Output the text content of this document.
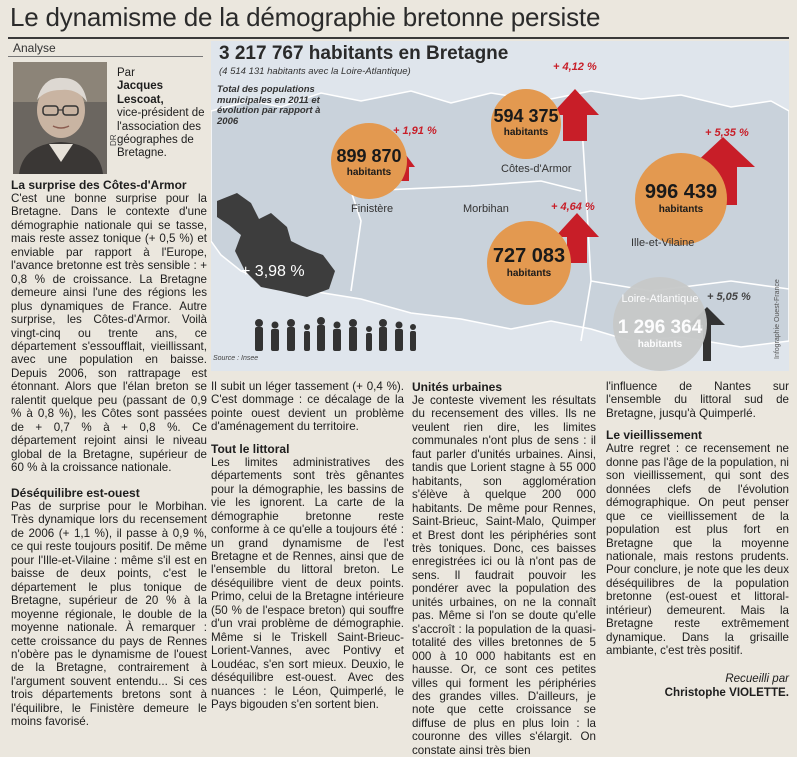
Le dynamisme de la démographie bretonne persiste
Analyse
DR
Par
Jacques
Lescoat,
vice-président de l'association des géographes de Bretagne.
La surprise des Côtes-d'Armor

C'est une bonne surprise pour la Bretagne. Dans le contexte d'une démographie nationale qui se tasse, mais reste assez tonique (+ 0,5 %) et enviable par rapport à l'Europe, l'avance bretonne est très sensible : + 0,8 % de croissance. La Bretagne demeure ainsi l'une des régions les plus dynamiques de France. Autre surprise, les Côtes-d'Armor. Voilà vingt-cinq ou trente ans, ce département s'essoufflait, vieillissant, avec une population en baisse. Depuis 2006, son rattrapage est étonnant. Alors que l'élan breton se ralentit quelque peu (passant de 0,9 % à 0,8 %), les Côtes sont passées de + 0,7 % à + 0,8 %. Ce département rejoint ainsi le niveau global de la Bretagne, supérieur de 60 % à la croissance nationale.

Déséquilibre est-ouest

Pas de surprise pour le Morbihan. Très dynamique lors du recensement de 2006 (+ 1,1 %), il passe à 0,9 %, ce qui reste toujours positif. De même pour l'Ille-et-Vilaine : même s'il est en baisse de deux points, c'est le département le plus tonique de Bretagne, supérieur de 20 % à la moyenne régionale, le double de la moyenne nationale. À remarquer : cette croissance du pays de Rennes n'obère pas le dynamisme de l'ouest de la Bretagne, contrairement à l'argument souvent entendu... Si ces trois départements bretons sont à l'équilibre, le Finistère demeure le moins favorisé.

Il subit un léger tassement (+ 0,4 %). C'est dommage : ce décalage de la pointe ouest devient un problème d'aménagement du territoire.

Tout le littoral

Les limites administratives des départements sont très gênantes pour la démographie, les bassins de vie les ignorent. La carte de la démographie bretonne reste conforme à ce qu'elle a toujours été : un grand dynamisme de l'est Bretagne et de Rennes, ainsi que de l'ensemble du littoral breton. Le déséquilibre vient de deux points. Primo, celui de la Bretagne intérieure (50 % de l'espace breton) qui souffre d'un vrai problème de démographie. Même si le Triskell Saint-Brieuc-Lorient-Vannes, avec Pontivy et Loudéac, s'en sort mieux. Deuxio, le déséquilibre est-ouest. Avec des nuances : le Léon, Quimperlé, le Pays bigouden s'en sortent bien.

Unités urbaines

Je conteste vivement les résultats du recensement des villes. Ils ne veulent rien dire, les limites communales n'ont plus de sens : il faut parler d'unités urbaines. Ainsi, tandis que Lorient stagne à 55 000 habitants, son agglomération s'élève à quelque 200 000 habitants. De même pour Rennes, Saint-Brieuc, Saint-Malo, Quimper et Brest dont les périphéries sont très toniques. Donc, ces baisses enregistrées ici ou là n'ont pas de sens. Il faudrait pouvoir les pondérer avec la population des unités urbaines, on ne la connaît pas. Même si l'on se doute qu'elle s'accroît : la population de la quasi-totalité des villes bretonnes de 5 000 à 10 000 habitants est en hausse. Or, ce sont ces petites villes qui forment les périphéries des grandes villes. D'ailleurs, je note que cette croissance se diffuse de plus en plus loin : la couronne des villes s'élargit. On constate ainsi très bien

l'influence de Nantes sur l'ensemble du littoral sud de Bretagne, jusqu'à Quimperlé.

Le vieillissement

Autre regret : ce recensement ne donne pas l'âge de la population, ni son vieillissement, qui sont des données clefs de l'évolution démographique. On peut penser que ce vieillissement de la population est plus fort en Bretagne que la moyenne nationale, mais restons prudents. Pour conclure, je note que les deux déséquilibres de la population bretonne (est-ouest et littoral-intérieur) demeurent. Mais la Bretagne reste extrêmement dynamique. Dans la grisaille ambiante, c'est très positif.

Recueilli par
Christophe VIOLETTE.
3 217 767 habitants en Bretagne
(4 514 131 habitants avec la Loire-Atlantique)
Total des populations municipales en 2011 et évolution par rapport à 2006
899 870
habitants
+ 1,91 %
Finistère
594 375
habitants
+ 4,12 %
Côtes-d'Armor
Morbihan
727 083
habitants
+ 4,64 %
996 439
habitants
+ 5,35 %
Ille-et-Vilaine
Loire-Atlantique
1 296 364
habitants
+ 5,05 %
+ 3,98 %
Source : Insee	Infographie Ouest-France
